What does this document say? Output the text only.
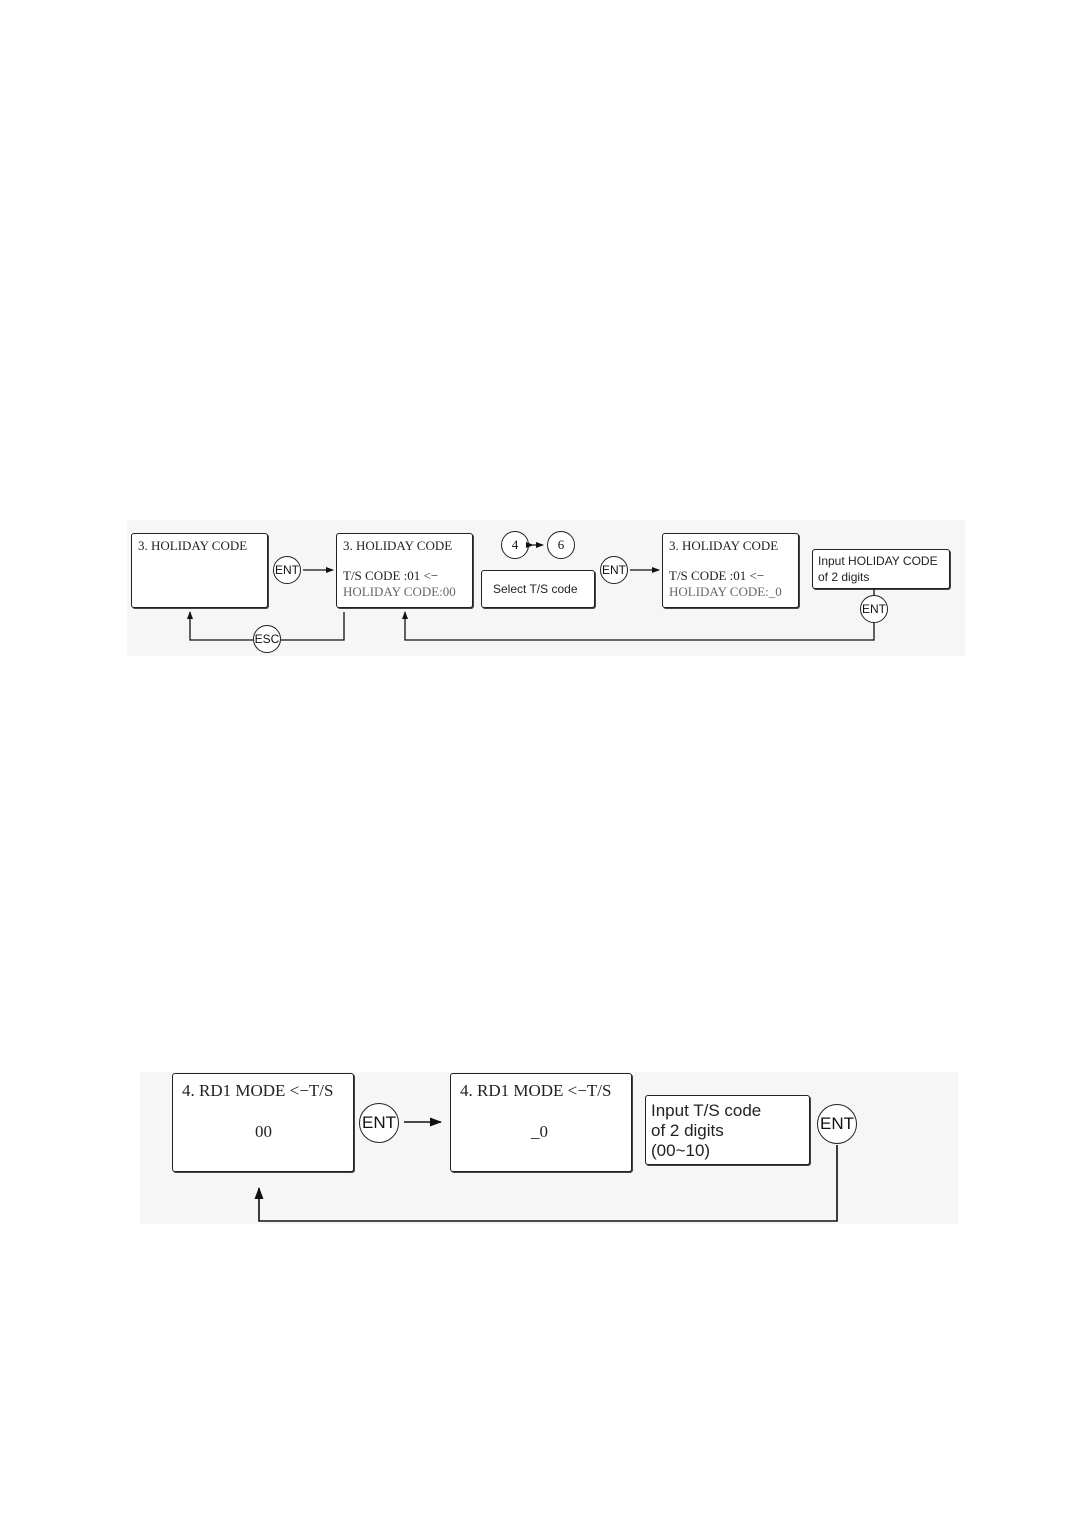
3. HOLIDAY CODE
ENT
3. HOLIDAY CODE
T/S CODE :01 <−
HOLIDAY CODE:00
4	6
Select T/S code
ENT
3. HOLIDAY CODE
T/S CODE :01 <−
HOLIDAY CODE:_0
Input HOLIDAY CODE
of 2 digits
ENT
ESC
4. RD1 MODE <−T/S
00	ENT
4. RD1 MODE <−T/S
_0
Input T/S code
of 2 digits
(00~10)
ENT
